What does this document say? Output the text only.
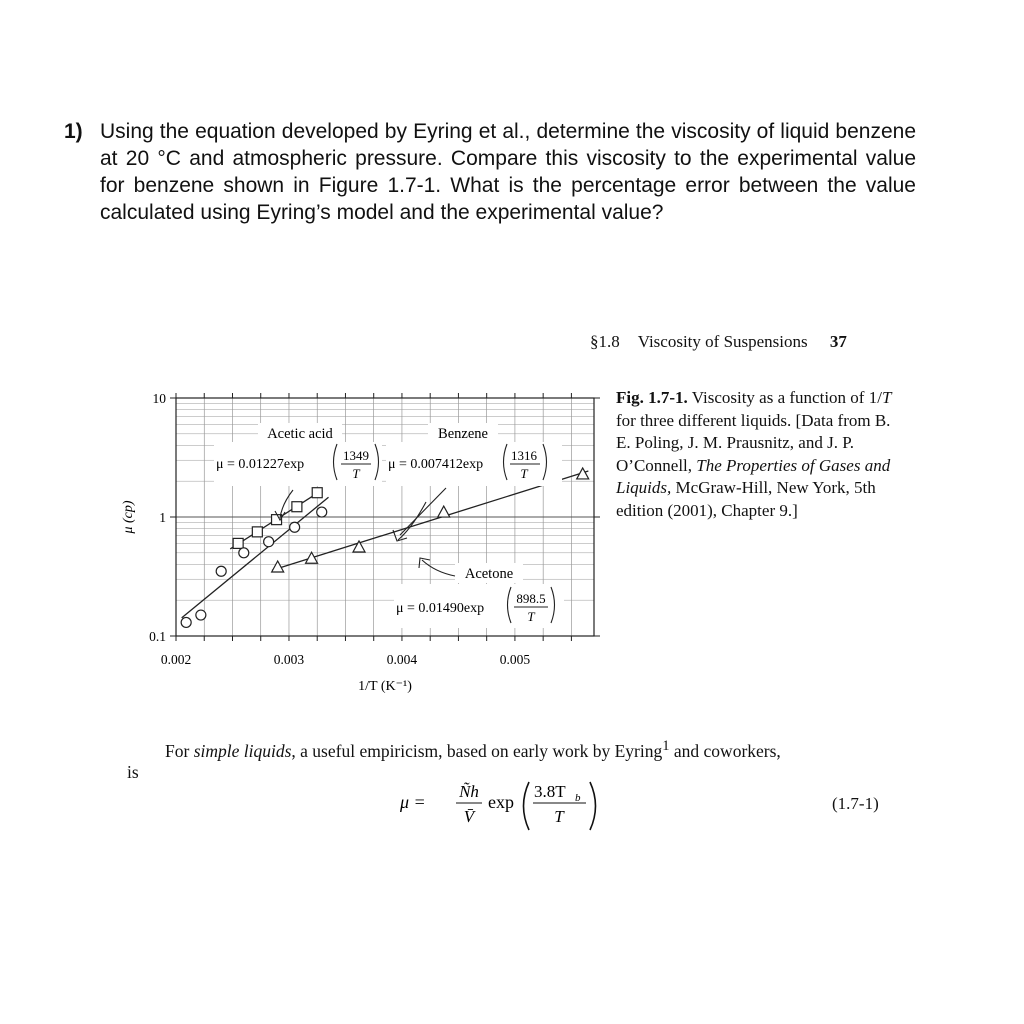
1) Using the equation developed by Eyring et al., determine the viscosity of liquid benzene at 20 °C and atmospheric pressure. Compare this viscosity to the experimental value for benzene shown in Figure 1.7-1. What is the percentage error between the value calculated using Eyring’s model and the experimental value?
§1.8 Viscosity of Suspensions 37
0.002	0.003	0.004	0.005
0.1
1
10
Acetic acid
μ = 0.01227exp
1349
T
Benzene
μ = 0.007412exp
1316
T
Acetone
μ = 0.01490exp
898.5
T
μ (cp)
1/T (K⁻¹)
Fig. 1.7-1. Viscosity as a function of 1/T for three different liquids. [Data from B. E. Poling, J. M. Prausnitz, and J. P. O’Connell, The Properties of Gases and Liquids, McGraw-Hill, New York, 5th edition (2001), Chapter 9.]
For simple liquids, a useful empiricism, based on early work by Eyring$^1$ and coworkers,
is
μ =
Ñh
V̄
exp
3.8T b
T
(1.7-1)
